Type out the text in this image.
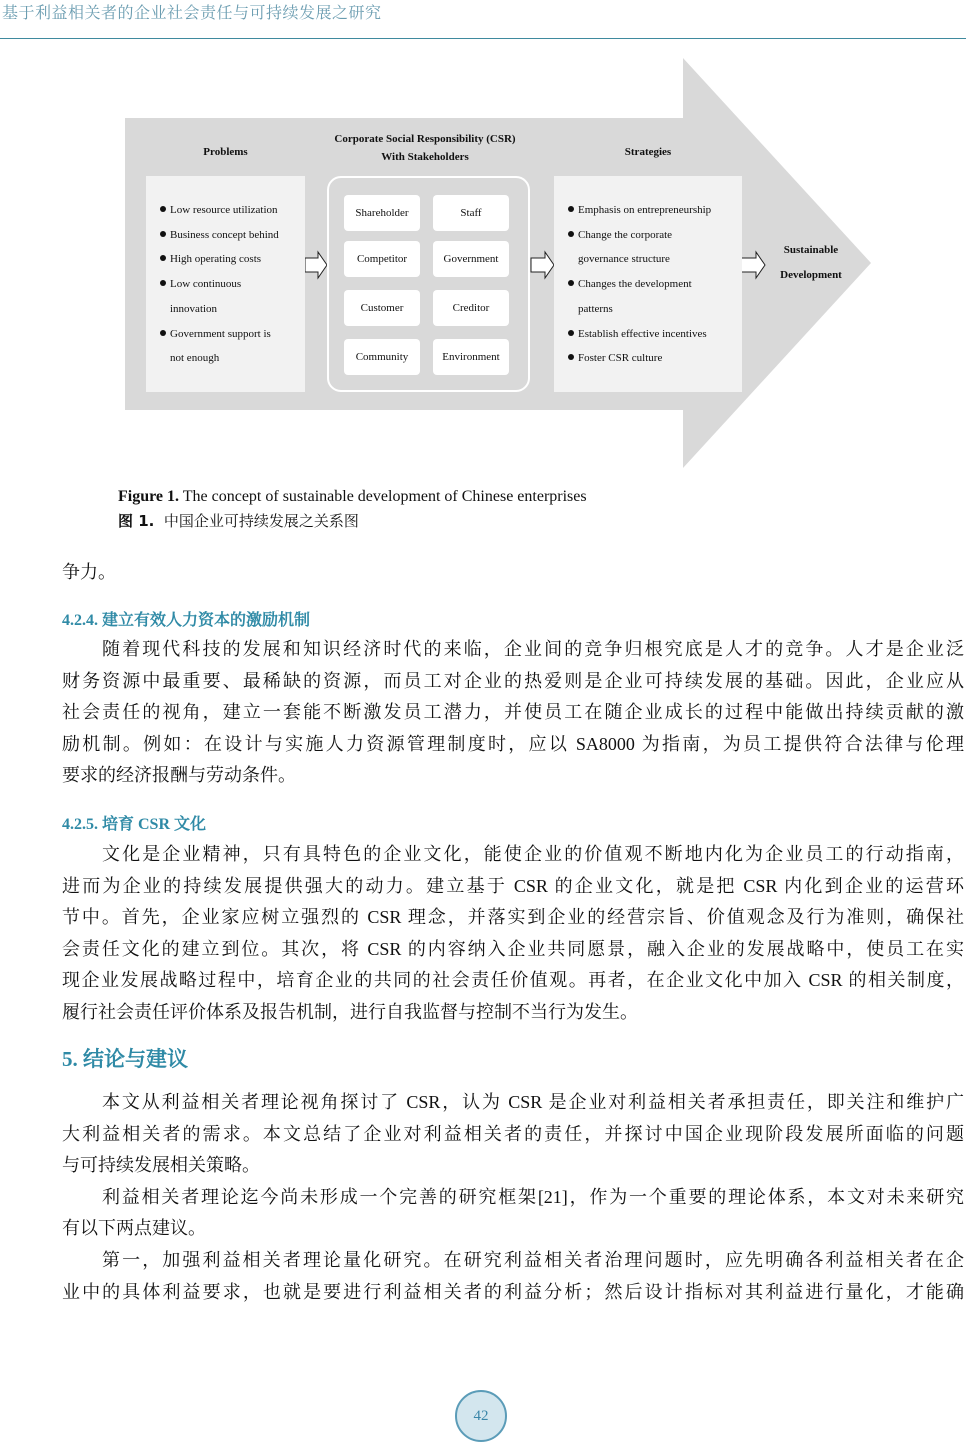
基于利益相关者的企业社会责任与可持续发展之研究
Problems
Corporate Social Responsibility (CSR)
With Stakeholders	Strategies
Low resource utilization
Business concept behind
High operating costs
Low continuous
innovation
Government support is
not enough
Shareholder	Staff
Competitor	Government
Customer	Creditor
Community	Environment
Emphasis on entrepreneurship
Change the corporate
governance structure
Changes the development
patterns
Establish effective incentives
Foster CSR culture
Sustainable
Development
Figure 1. The concept of sustainable development of Chinese enterprises
图 1.  中国企业可持续发展之关系图
争力。
4.2.4. 建立有效人力资本的激励机制
随着现代科技的发展和知识经济时代的来临，企业间的竞争归根究底是人才的竞争。人才是企业泛
财务资源中最重要、最稀缺的资源，而员工对企业的热爱则是企业可持续发展的基础。因此，企业应从
社会责任的视角，建立一套能不断激发员工潜力，并使员工在随企业成长的过程中能做出持续贡献的激
励机制。例如：在设计与实施人力资源管理制度时，应以 SA8000 为指南，为员工提供符合法律与伦理
要求的经济报酬与劳动条件。
4.2.5. 培育 CSR 文化
文化是企业精神，只有具特色的企业文化，能使企业的价值观不断地内化为企业员工的行动指南，
进而为企业的持续发展提供强大的动力。建立基于 CSR 的企业文化，就是把 CSR 内化到企业的运营环
节中。首先，企业家应树立强烈的 CSR 理念，并落实到企业的经营宗旨、价值观念及行为准则，确保社
会责任文化的建立到位。其次，将 CSR 的内容纳入企业共同愿景，融入企业的发展战略中，使员工在实
现企业发展战略过程中，培育企业的共同的社会责任价值观。再者，在企业文化中加入 CSR 的相关制度，
履行社会责任评价体系及报告机制，进行自我监督与控制不当行为发生。
5. 结论与建议
本文从利益相关者理论视角探讨了 CSR，认为 CSR 是企业对利益相关者承担责任，即关注和维护广
大利益相关者的需求。本文总结了企业对利益相关者的责任，并探讨中国企业现阶段发展所面临的问题
与可持续发展相关策略。
利益相关者理论迄今尚未形成一个完善的研究框架[21]，作为一个重要的理论体系，本文对未来研究
有以下两点建议。
第一，加强利益相关者理论量化研究。在研究利益相关者治理问题时，应先明确各利益相关者在企
业中的具体利益要求，也就是要进行利益相关者的利益分析；然后设计指标对其利益进行量化，才能确
42
